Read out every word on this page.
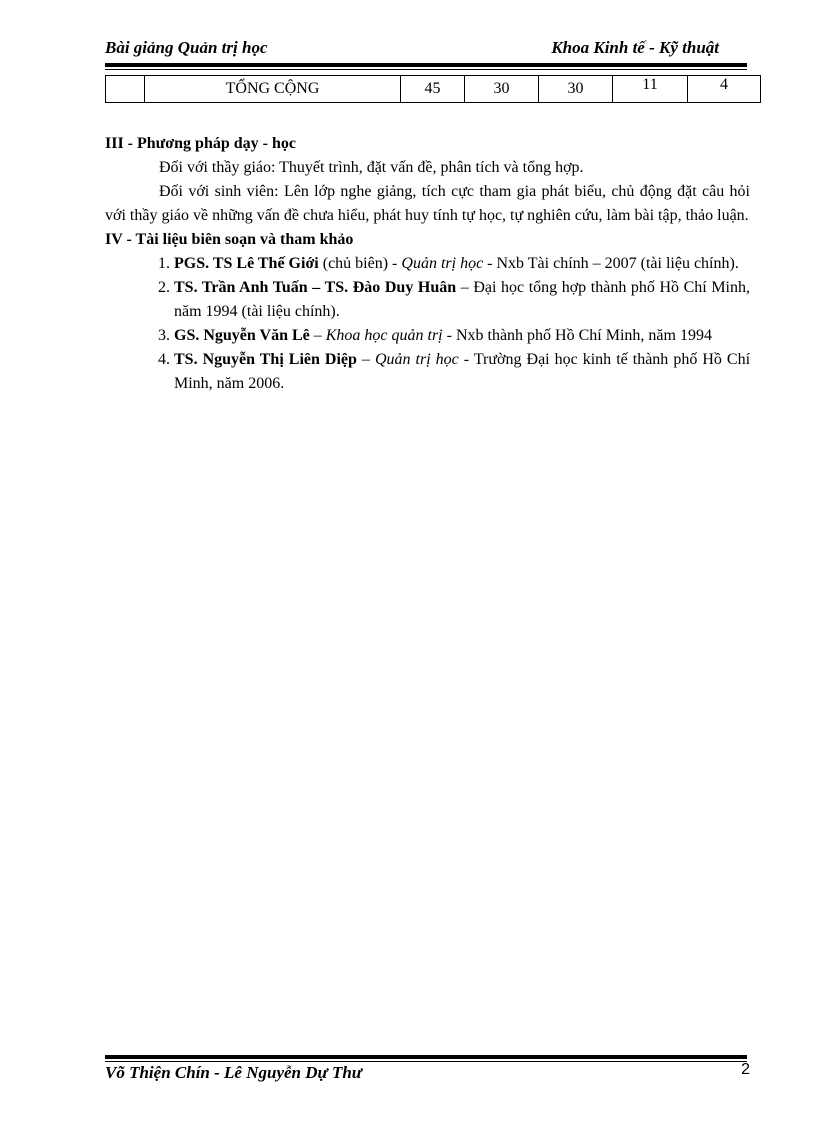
Bài giảng Quản trị học	Khoa Kinh tế - Kỹ thuật
	TỔNG CỘNG	45	30	30	11	4

III - Phương pháp dạy - học

Đối với thầy giáo: Thuyết trình, đặt vấn đề, phân tích và tổng hợp.

Đối với sinh viên: Lên lớp nghe giảng, tích cực tham gia phát biểu, chủ động đặt câu hỏi với thầy giáo về những vấn đề chưa hiểu, phát huy tính tự học, tự nghiên cứu, làm bài tập, thảo luận.

IV - Tài liệu biên soạn và tham khảo

1. PGS. TS Lê Thế Giới (chủ biên) - Quản trị học - Nxb Tài chính – 2007 (tài liệu chính).
2. TS. Trần Anh Tuấn – TS. Đào Duy Huân – Đại học tổng hợp thành phố Hồ Chí Minh, năm 1994 (tài liệu chính).
3. GS. Nguyễn Văn Lê – Khoa học quản trị - Nxb thành phố Hồ Chí Minh, năm 1994
4. TS. Nguyễn Thị Liên Diệp – Quản trị học - Trường Đại học kinh tế thành phố Hồ Chí Minh, năm 2006.
Võ Thiện Chín - Lê Nguyễn Dự Thư	2
